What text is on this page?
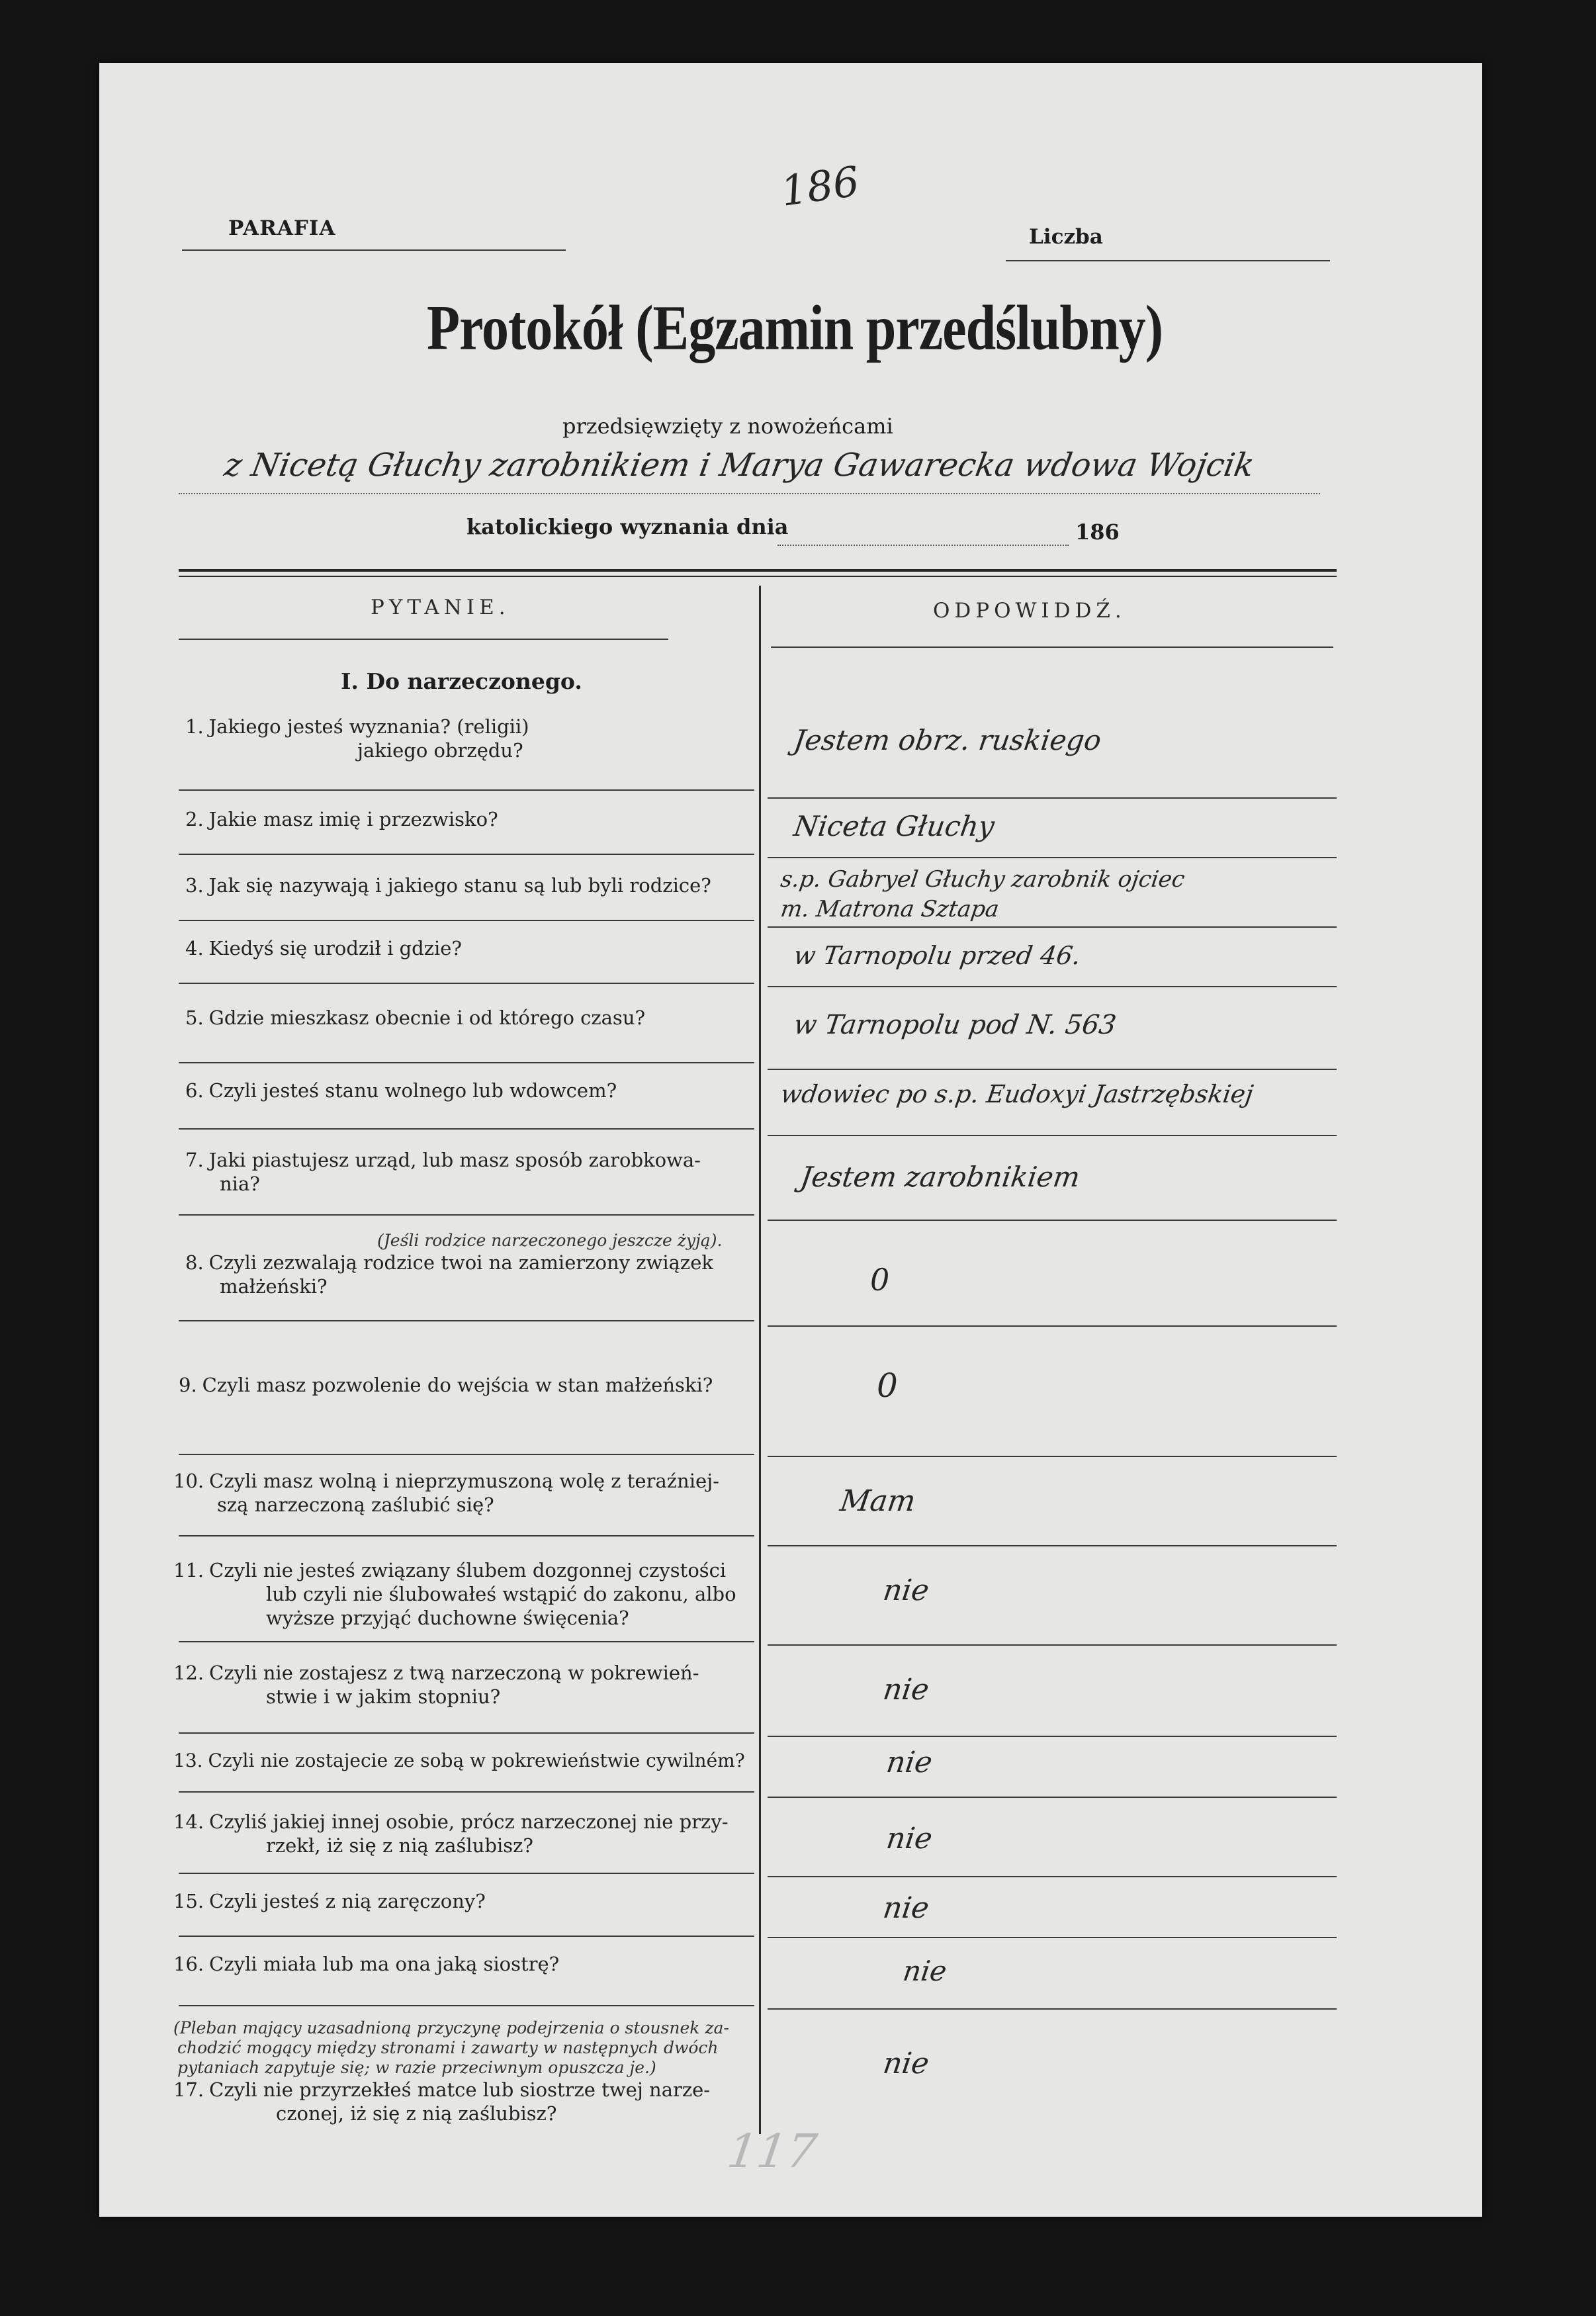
186
PARAFIA	Liczba
Protokół (Egzamin przedślubny)
przedsięwzięty z nowożeńcami
z Nicetą Głuchy zarobnikiem i Marya Gawarecka wdowa Wojcik
katolickiego wyznania dnia	186
PYTANIE.	ODPOWIDDŹ.
I. Do narzeczonego.
1. Jakiego jesteś wyznania? (religii)
jakiego obrzędu?	Jestem obrz. ruskiego
2. Jakie masz imię i przezwisko?	Niceta Głuchy
3. Jak się nazywają i jakiego stanu są lub byli rodzice?	s.p. Gabryel Głuchy zarobnik ojciec
m. Matrona Sztapa
4. Kiedyś się urodził i gdzie?	w Tarnopolu przed 46.
5. Gdzie mieszkasz obecnie i od którego czasu?	w Tarnopolu pod N. 563
6. Czyli jesteś stanu wolnego lub wdowcem?	wdowiec po s.p. Eudoxyi Jastrzębskiej
7. Jaki piastujesz urząd, lub masz sposób zarobkowa-
nia?	Jestem zarobnikiem
(Jeśli rodzice narzeczonego jeszcze żyją).
8. Czyli zezwalają rodzice twoi na zamierzony związek
małżeński?	0
9. Czyli masz pozwolenie do wejścia w stan małżeński?	0
10. Czyli masz wolną i nieprzymuszoną wolę z teraźniej-
szą narzeczoną zaślubić się?	Mam
11. Czyli nie jesteś związany ślubem dozgonnej czystości
lub czyli nie ślubowałeś wstąpić do zakonu, albo
wyższe przyjąć duchowne święcenia?
nie
12. Czyli nie zostajesz z twą narzeczoną w pokrewień-
stwie i w jakim stopniu?	nie
13. Czyli nie zostajecie ze sobą w pokrewieństwie cywilném?	nie
14. Czyliś jakiej innej osobie, prócz narzeczonej nie przy-
rzekł, iż się z nią zaślubisz?	nie
15. Czyli jesteś z nią zaręczony?	nie
16. Czyli miała lub ma ona jaką siostrę?	nie
(Pleban mający uzasadnioną przyczynę podejrzenia o stousnek za-
chodzić mogący między stronami i zawarty w następnych dwóch
pytaniach zapytuje się; w razie przeciwnym opuszcza je.)
17. Czyli nie przyrzekłeś matce lub siostrze twej narze-
czonej, iż się z nią zaślubisz?
nie
117
